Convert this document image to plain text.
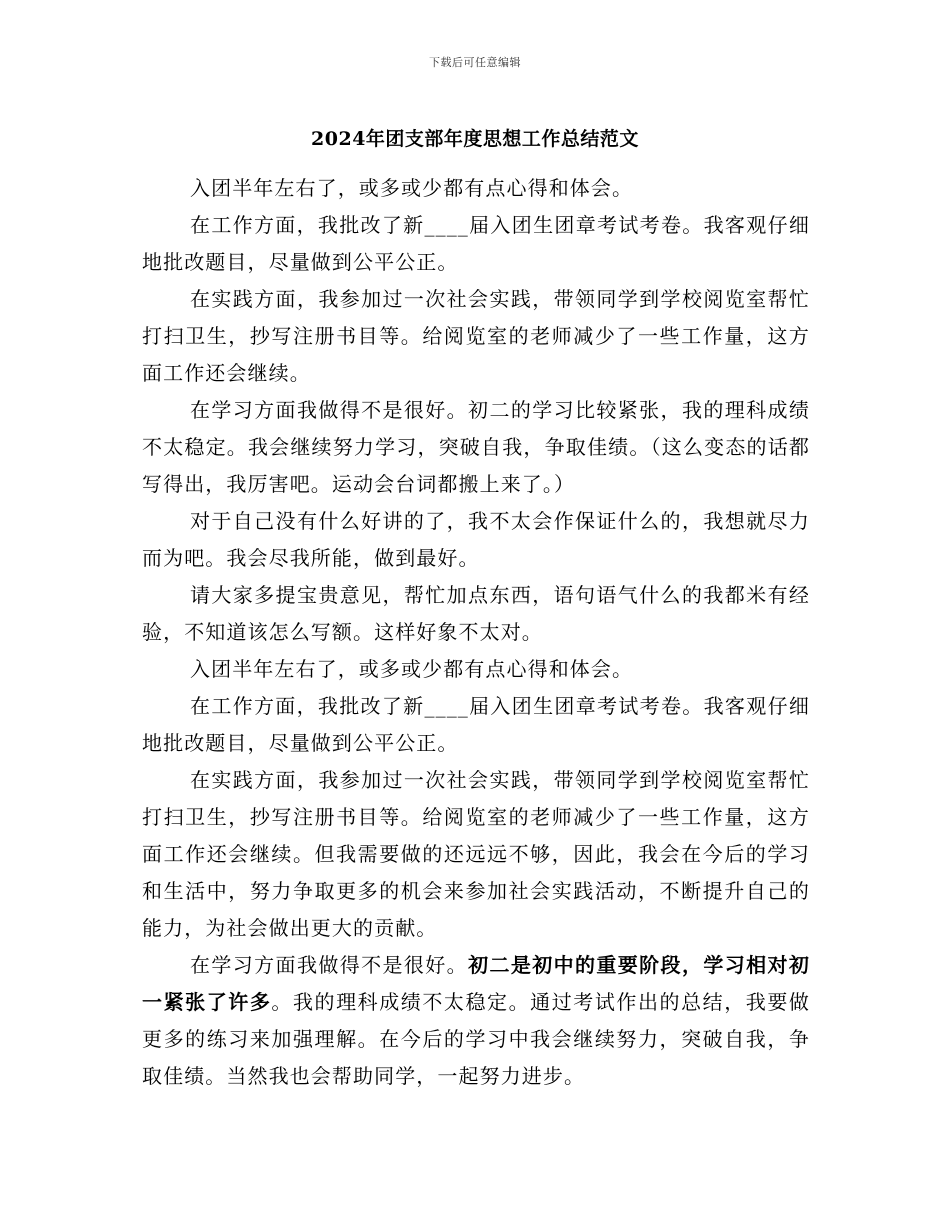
下载后可任意编辑
2024年团支部年度思想工作总结范文

入团半年左右了，或多或少都有点心得和体会。

在工作方面，我批改了新____届入团生团章考试考卷。我客观仔细地批改题目，尽量做到公平公正。

在实践方面，我参加过一次社会实践，带领同学到学校阅览室帮忙打扫卫生，抄写注册书目等。给阅览室的老师减少了一些工作量，这方面工作还会继续。

在学习方面我做得不是很好。初二的学习比较紧张，我的理科成绩不太稳定。我会继续努力学习，突破自我，争取佳绩。（这么变态的话都写得出，我厉害吧。运动会台词都搬上来了。）

对于自己没有什么好讲的了，我不太会作保证什么的，我想就尽力而为吧。我会尽我所能，做到最好。

请大家多提宝贵意见，帮忙加点东西，语句语气什么的我都米有经验，不知道该怎么写额。这样好象不太对。

入团半年左右了，或多或少都有点心得和体会。

在工作方面，我批改了新____届入团生团章考试考卷。我客观仔细地批改题目，尽量做到公平公正。

在实践方面，我参加过一次社会实践，带领同学到学校阅览室帮忙打扫卫生，抄写注册书目等。给阅览室的老师减少了一些工作量，这方面工作还会继续。但我需要做的还远远不够，因此，我会在今后的学习和生活中，努力争取更多的机会来参加社会实践活动，不断提升自己的能力，为社会做出更大的贡献。

在学习方面我做得不是很好。初二是初中的重要阶段，学习相对初一紧张了许多。我的理科成绩不太稳定。通过考试作出的总结，我要做更多的练习来加强理解。在今后的学习中我会继续努力，突破自我，争取佳绩。当然我也会帮助同学，一起努力进步。
